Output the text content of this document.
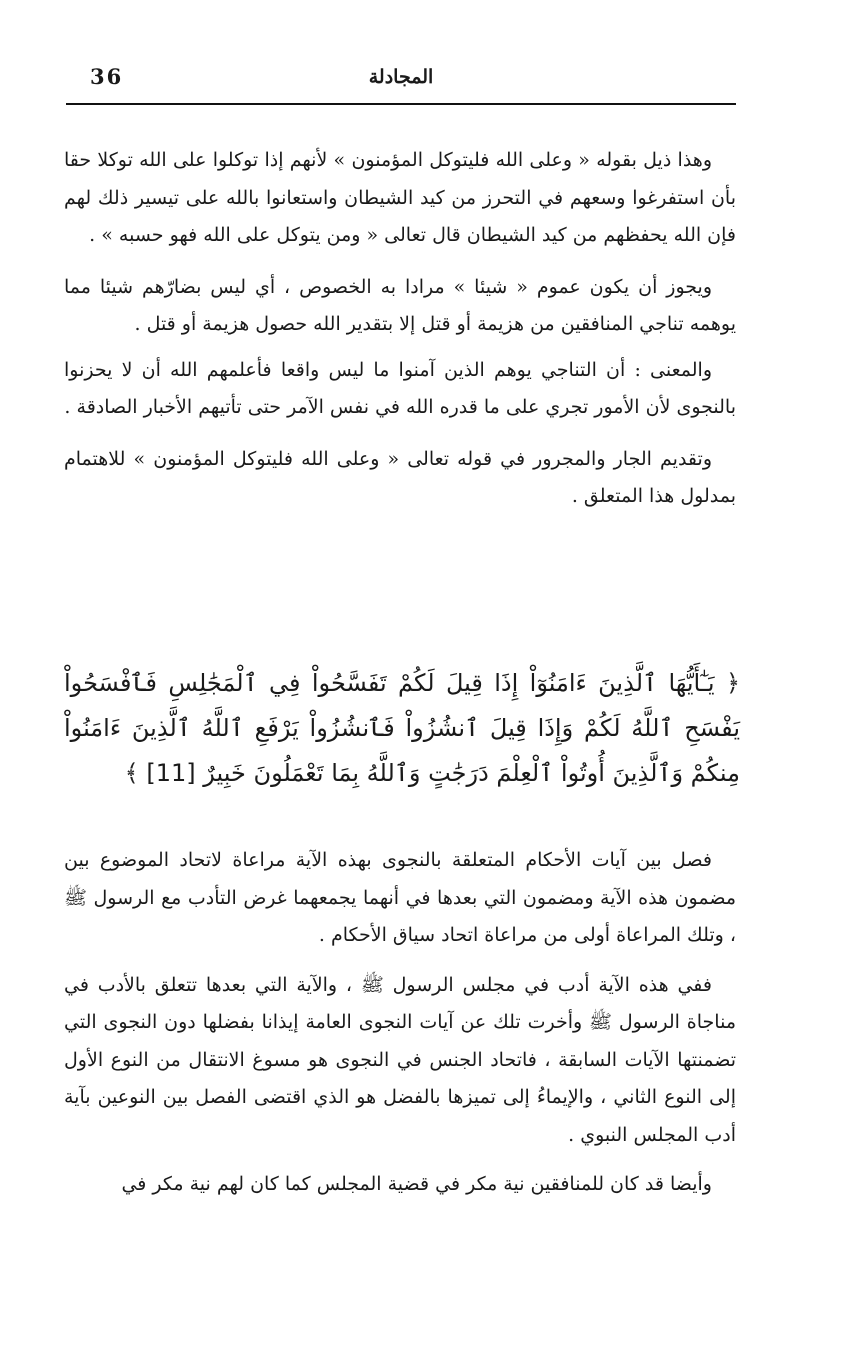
36	المجادلة

وهذا ذيل بقوله « وعلى الله فليتوكل المؤمنون » لأنهم إذا توكلوا على الله توكلا حقا بأن استفرغوا وسعهم في التحرز من كيد الشيطان واستعانوا بالله على تيسير ذلك لهم فإن الله يحفظهم من كيد الشيطان قال تعالى « ومن يتوكل على الله فهو حسبه » .

ويجوز أن يكون عموم « شيئا » مرادا به الخصوص ، أي ليس بضارّهم شيئا مما يوهمه تناجي المنافقين من هزيمة أو قتل إلا بتقدير الله حصول هزيمة أو قتل .

والمعنى : أن التناجي يوهم الذين آمنوا ما ليس واقعا فأعلمهم الله أن لا يحزنوا بالنجوى لأن الأمور تجري على ما قدره الله في نفس الآمر حتى تأتيهم الأخبار الصادقة .

وتقديم الجار والمجرور في قوله تعالى « وعلى الله فليتوكل المؤمنون » للاهتمام بمدلول هذا المتعلق .

﴿ يَـٰٓأَيُّهَا ٱلَّذِينَ ءَامَنُوٓاْ إِذَا قِيلَ لَكُمْ تَفَسَّحُواْ فِي ٱلْمَجَٰلِسِ فَٱفْسَحُواْ يَفْسَحِ ٱللَّهُ لَكُمْ وَإِذَا قِيلَ ٱنشُزُواْ فَٱنشُزُواْ يَرْفَعِ ٱللَّهُ ٱلَّذِينَ ءَامَنُواْ مِنكُمْ وَٱلَّذِينَ أُوتُواْ ٱلْعِلْمَ دَرَجَٰتٍ وَٱللَّهُ بِمَا تَعْمَلُونَ خَبِيرٌ [11] ﴾

فصل بين آيات الأحكام المتعلقة بالنجوى بهذه الآية مراعاة لاتحاد الموضوع بين مضمون هذه الآية ومضمون التي بعدها في أنهما يجمعهما غرض التأدب مع الرسول ﷺ ، وتلك المراعاة أولى من مراعاة اتحاد سياق الأحكام .

ففي هذه الآية أدب في مجلس الرسول ﷺ ، والآية التي بعدها تتعلق بالأدب في مناجاة الرسول ﷺ وأخرت تلك عن آيات النجوى العامة إيذانا بفضلها دون النجوى التي تضمنتها الآيات السابقة ، فاتحاد الجنس في النجوى هو مسوغ الانتقال من النوع الأول إلى النوع الثاني ، والإيماءُ إلى تميزها بالفضل هو الذي اقتضى الفصل بين النوعين بآية أدب المجلس النبوي .

وأيضا قد كان للمنافقين نية مكر في قضية المجلس كما كان لهم نية مكر في
